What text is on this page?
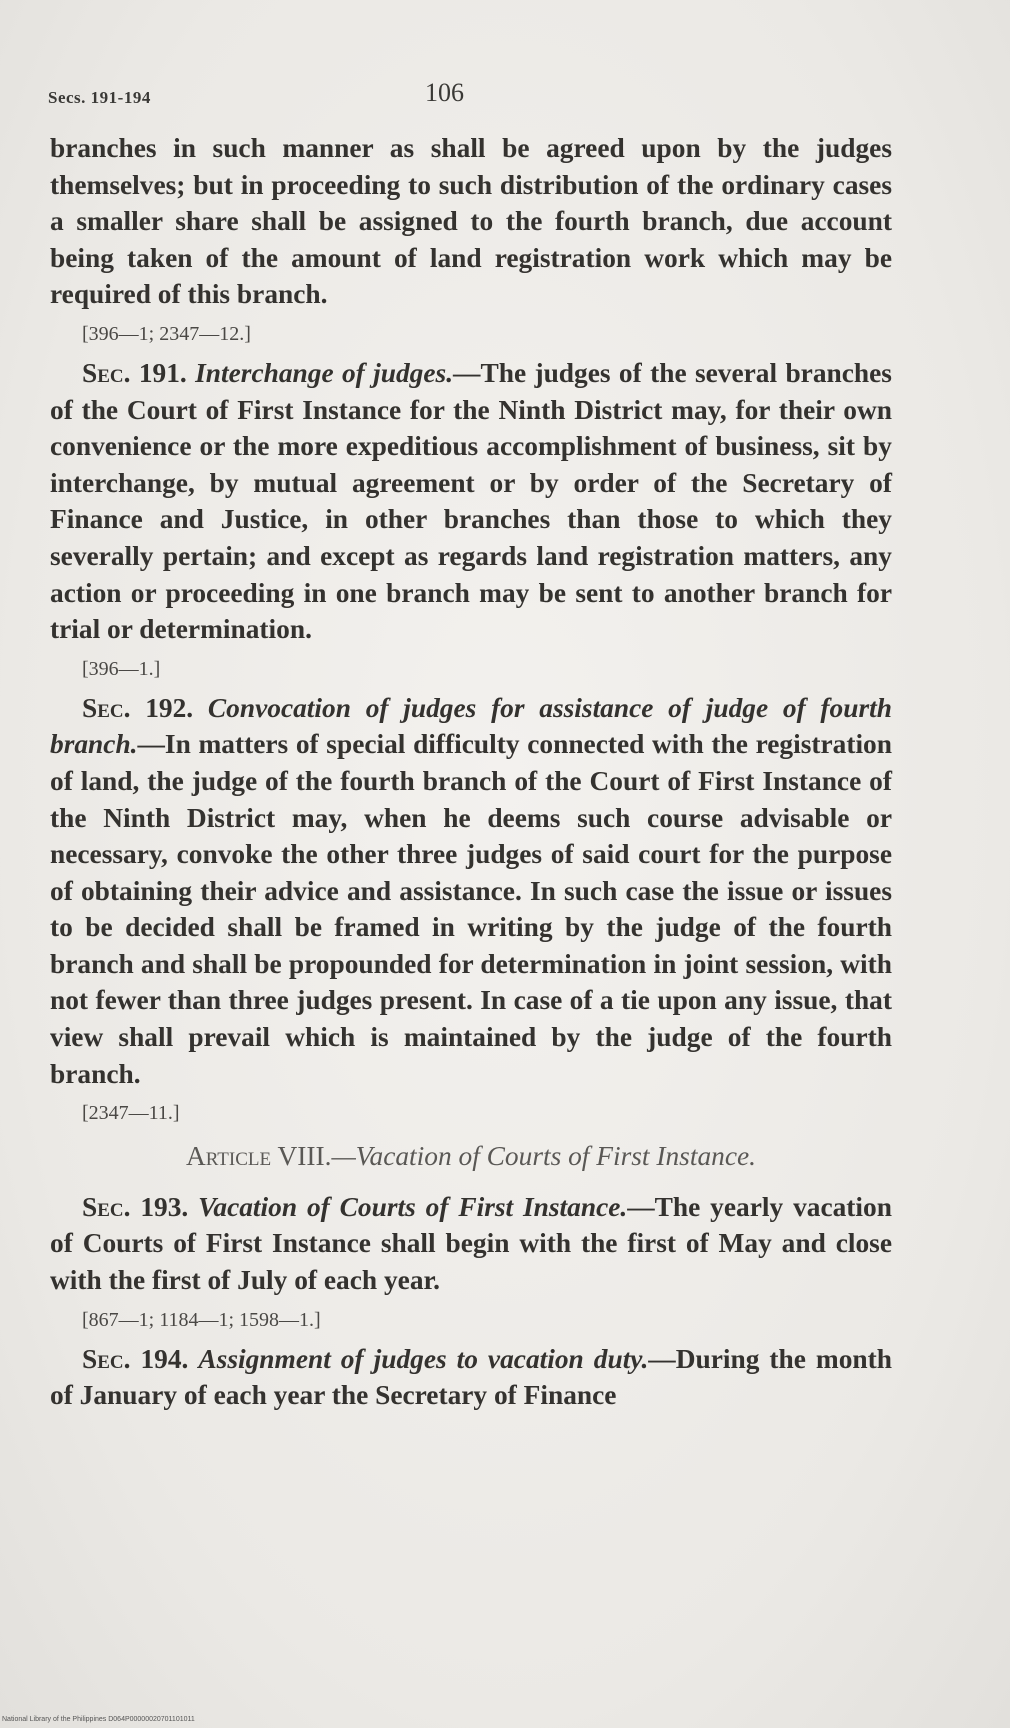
Secs. 191-194	106

branches in such manner as shall be agreed upon by the judges themselves; but in proceeding to such distribution of the ordinary cases a smaller share shall be assigned to the fourth branch, due account being taken of the amount of land registration work which may be required of this branch.

[396—1; 2347—12.]

Sec. 191. Interchange of judges.—The judges of the several branches of the Court of First Instance for the Ninth District may, for their own convenience or the more expeditious accomplishment of business, sit by interchange, by mutual agreement or by order of the Secretary of Finance and Justice, in other branches than those to which they severally pertain; and except as regards land registration matters, any action or proceeding in one branch may be sent to another branch for trial or determination.

[396—1.]

Sec. 192. Convocation of judges for assistance of judge of fourth branch.—In matters of special difficulty connected with the registration of land, the judge of the fourth branch of the Court of First Instance of the Ninth District may, when he deems such course advisable or necessary, convoke the other three judges of said court for the purpose of obtaining their advice and assistance. In such case the issue or issues to be decided shall be framed in writing by the judge of the fourth branch and shall be propounded for determination in joint session, with not fewer than three judges present. In case of a tie upon any issue, that view shall prevail which is maintained by the judge of the fourth branch.

[2347—11.]

Article VIII.—Vacation of Courts of First Instance.

Sec. 193. Vacation of Courts of First Instance.—The yearly vacation of Courts of First Instance shall begin with the first of May and close with the first of July of each year.

[867—1; 1184—1; 1598—1.]

Sec. 194. Assignment of judges to vacation duty.—During the month of January of each year the Secretary of Finance

National Library of the Philippines D064P00000020701101011
